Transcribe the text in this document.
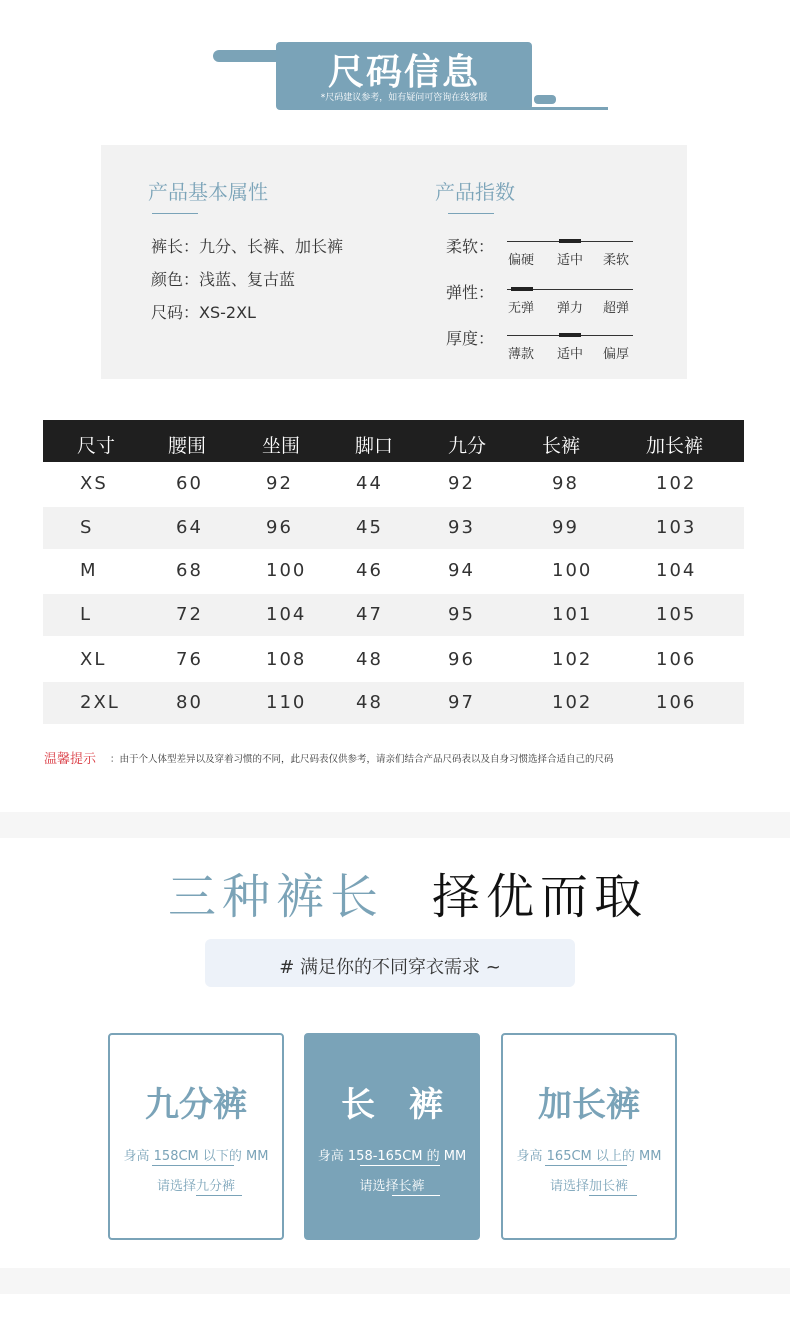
尺码信息
*尺码建议参考，如有疑问可咨询在线客服
产品基本属性
裤长：九分、长裤、加长裤
颜色：浅蓝、复古蓝
尺码：XS-2XL
产品指数
柔软：
偏硬 适中 柔软
弹性：
无弹 弹力 超弹
厚度：
薄款 适中 偏厚
尺寸	腰围	坐围	脚口	九分	长裤	加长裤
XS	60	92	44	92	98	102
S	64	96	45	93	99	103
M	68	100	46	94	100	104
L	72	104	47	95	101	105
XL	76	108	48	96	102	106
2XL	80	110	48	97	102	106
温馨提示 ：由于个人体型差异以及穿着习惯的不同，此尺码表仅供参考，请亲们结合产品尺码表以及自身习惯选择合适自己的尺码
三种裤长 择优而取
# 满足你的不同穿衣需求 ~
九分裤
身高 158CM 以下的 MM
请选择九分裤
长　裤
身高 158-165CM 的 MM
请选择长裤
加长裤
身高 165CM 以上的 MM
请选择加长裤
